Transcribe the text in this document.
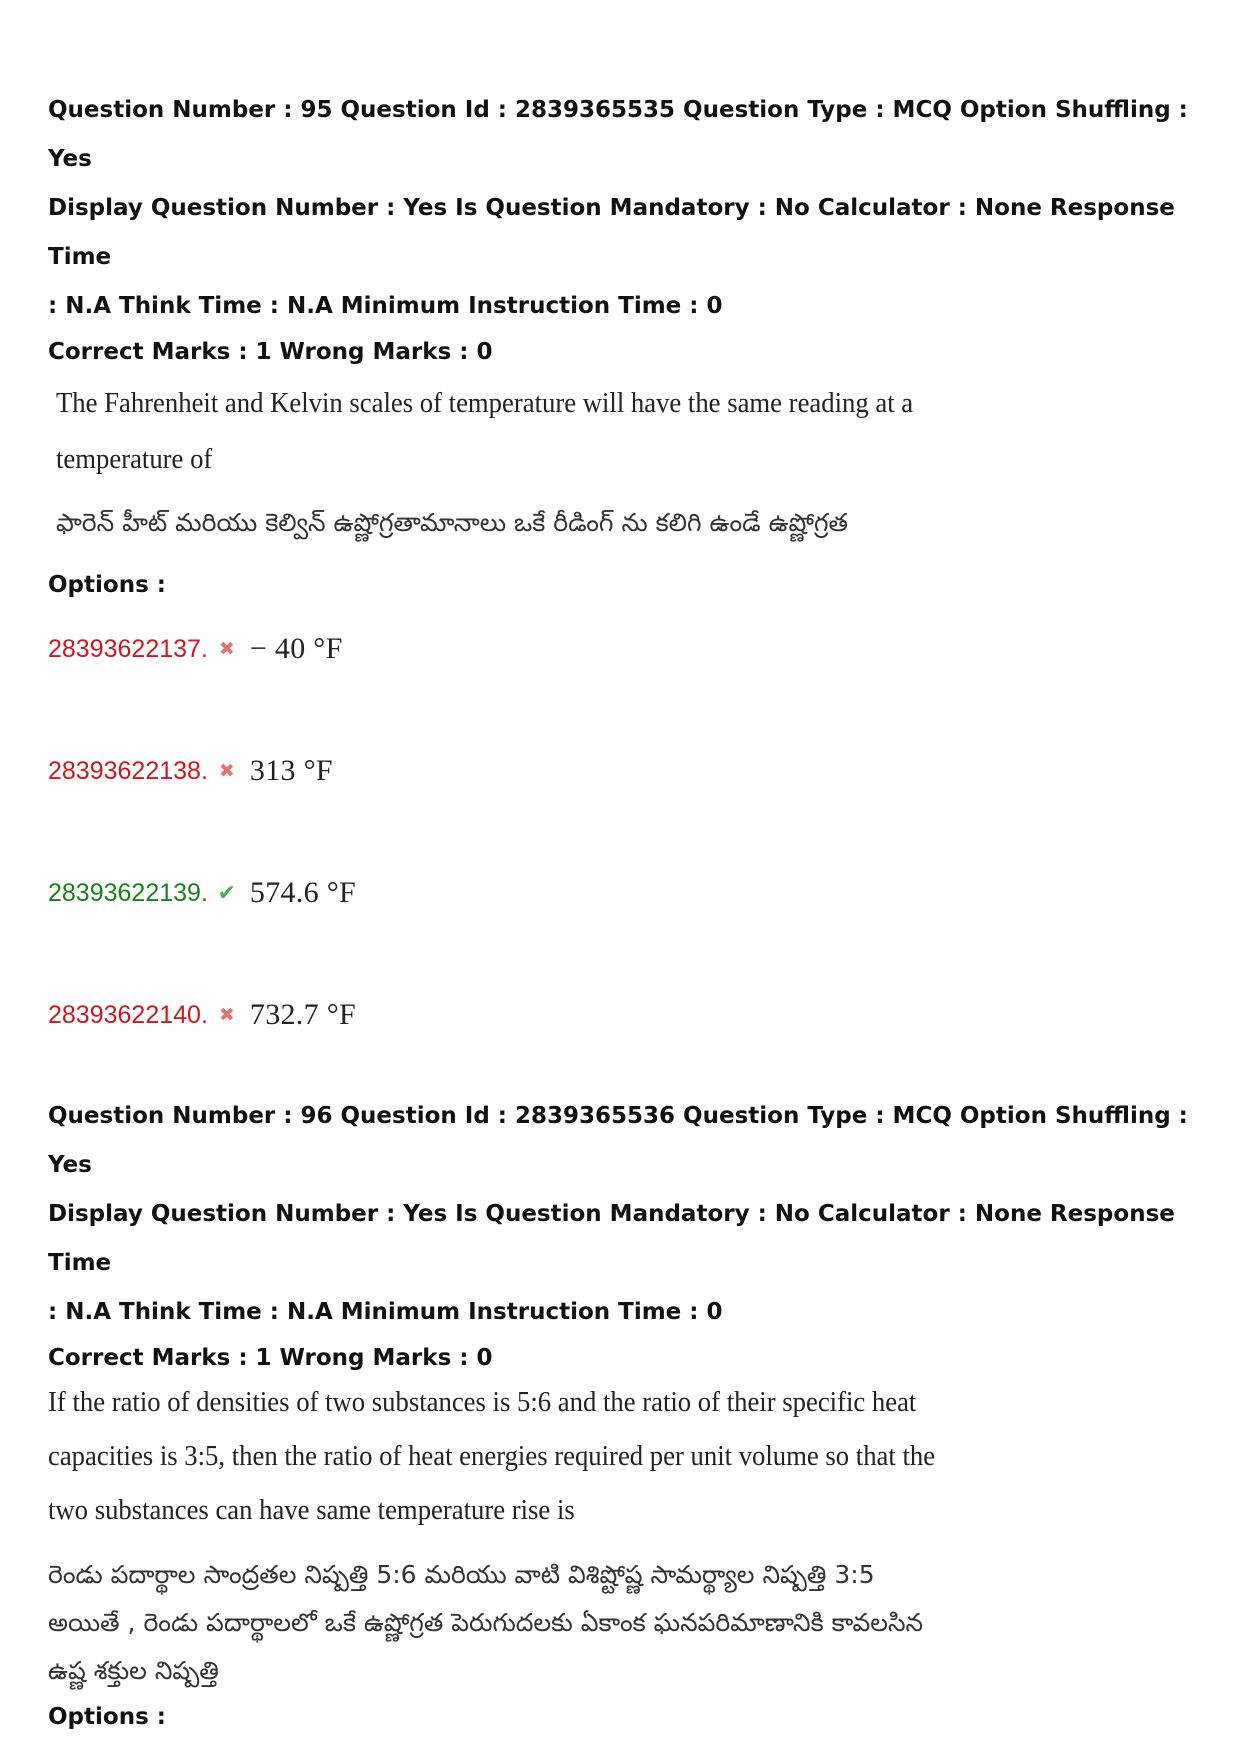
Question Number : 95 Question Id : 2839365535 Question Type : MCQ Option Shuffling : Yes
Display Question Number : Yes Is Question Mandatory : No Calculator : None Response Time
: N.A Think Time : N.A Minimum Instruction Time : 0
Correct Marks : 1 Wrong Marks : 0
The Fahrenheit and Kelvin scales of temperature will have the same reading at a
temperature of
ఫారెన్ హీట్ మరియు కెల్విన్ ఉష్ణోగ్రతామానాలు ఒకే రీడింగ్ ను కలిగి ఉండే ఉష్ణోగ్రత
Options :
28393622137. ✖ − 40 °F
28393622138. ✖ 313 °F
28393622139. ✔ 574.6 °F
28393622140. ✖ 732.7 °F
Question Number : 96 Question Id : 2839365536 Question Type : MCQ Option Shuffling : Yes
Display Question Number : Yes Is Question Mandatory : No Calculator : None Response Time
: N.A Think Time : N.A Minimum Instruction Time : 0
Correct Marks : 1 Wrong Marks : 0
If the ratio of densities of two substances is 5:6 and the ratio of their specific heat
capacities is 3:5, then the ratio of heat energies required per unit volume so that the
two substances can have same temperature rise is
రెండు పదార్థాల సాంద్రతల నిష్పత్తి 5:6 మరియు వాటి విశిష్టోష్ణ సామర్థ్యాల నిష్పత్తి 3:5
అయితే , రెండు పదార్థాలలో ఒకే ఉష్ణోగ్రత పెరుగుదలకు ఏకాంక ఘనపరిమాణానికి కావలసిన
ఉష్ణ శక్తుల నిష్పత్తి
Options :
